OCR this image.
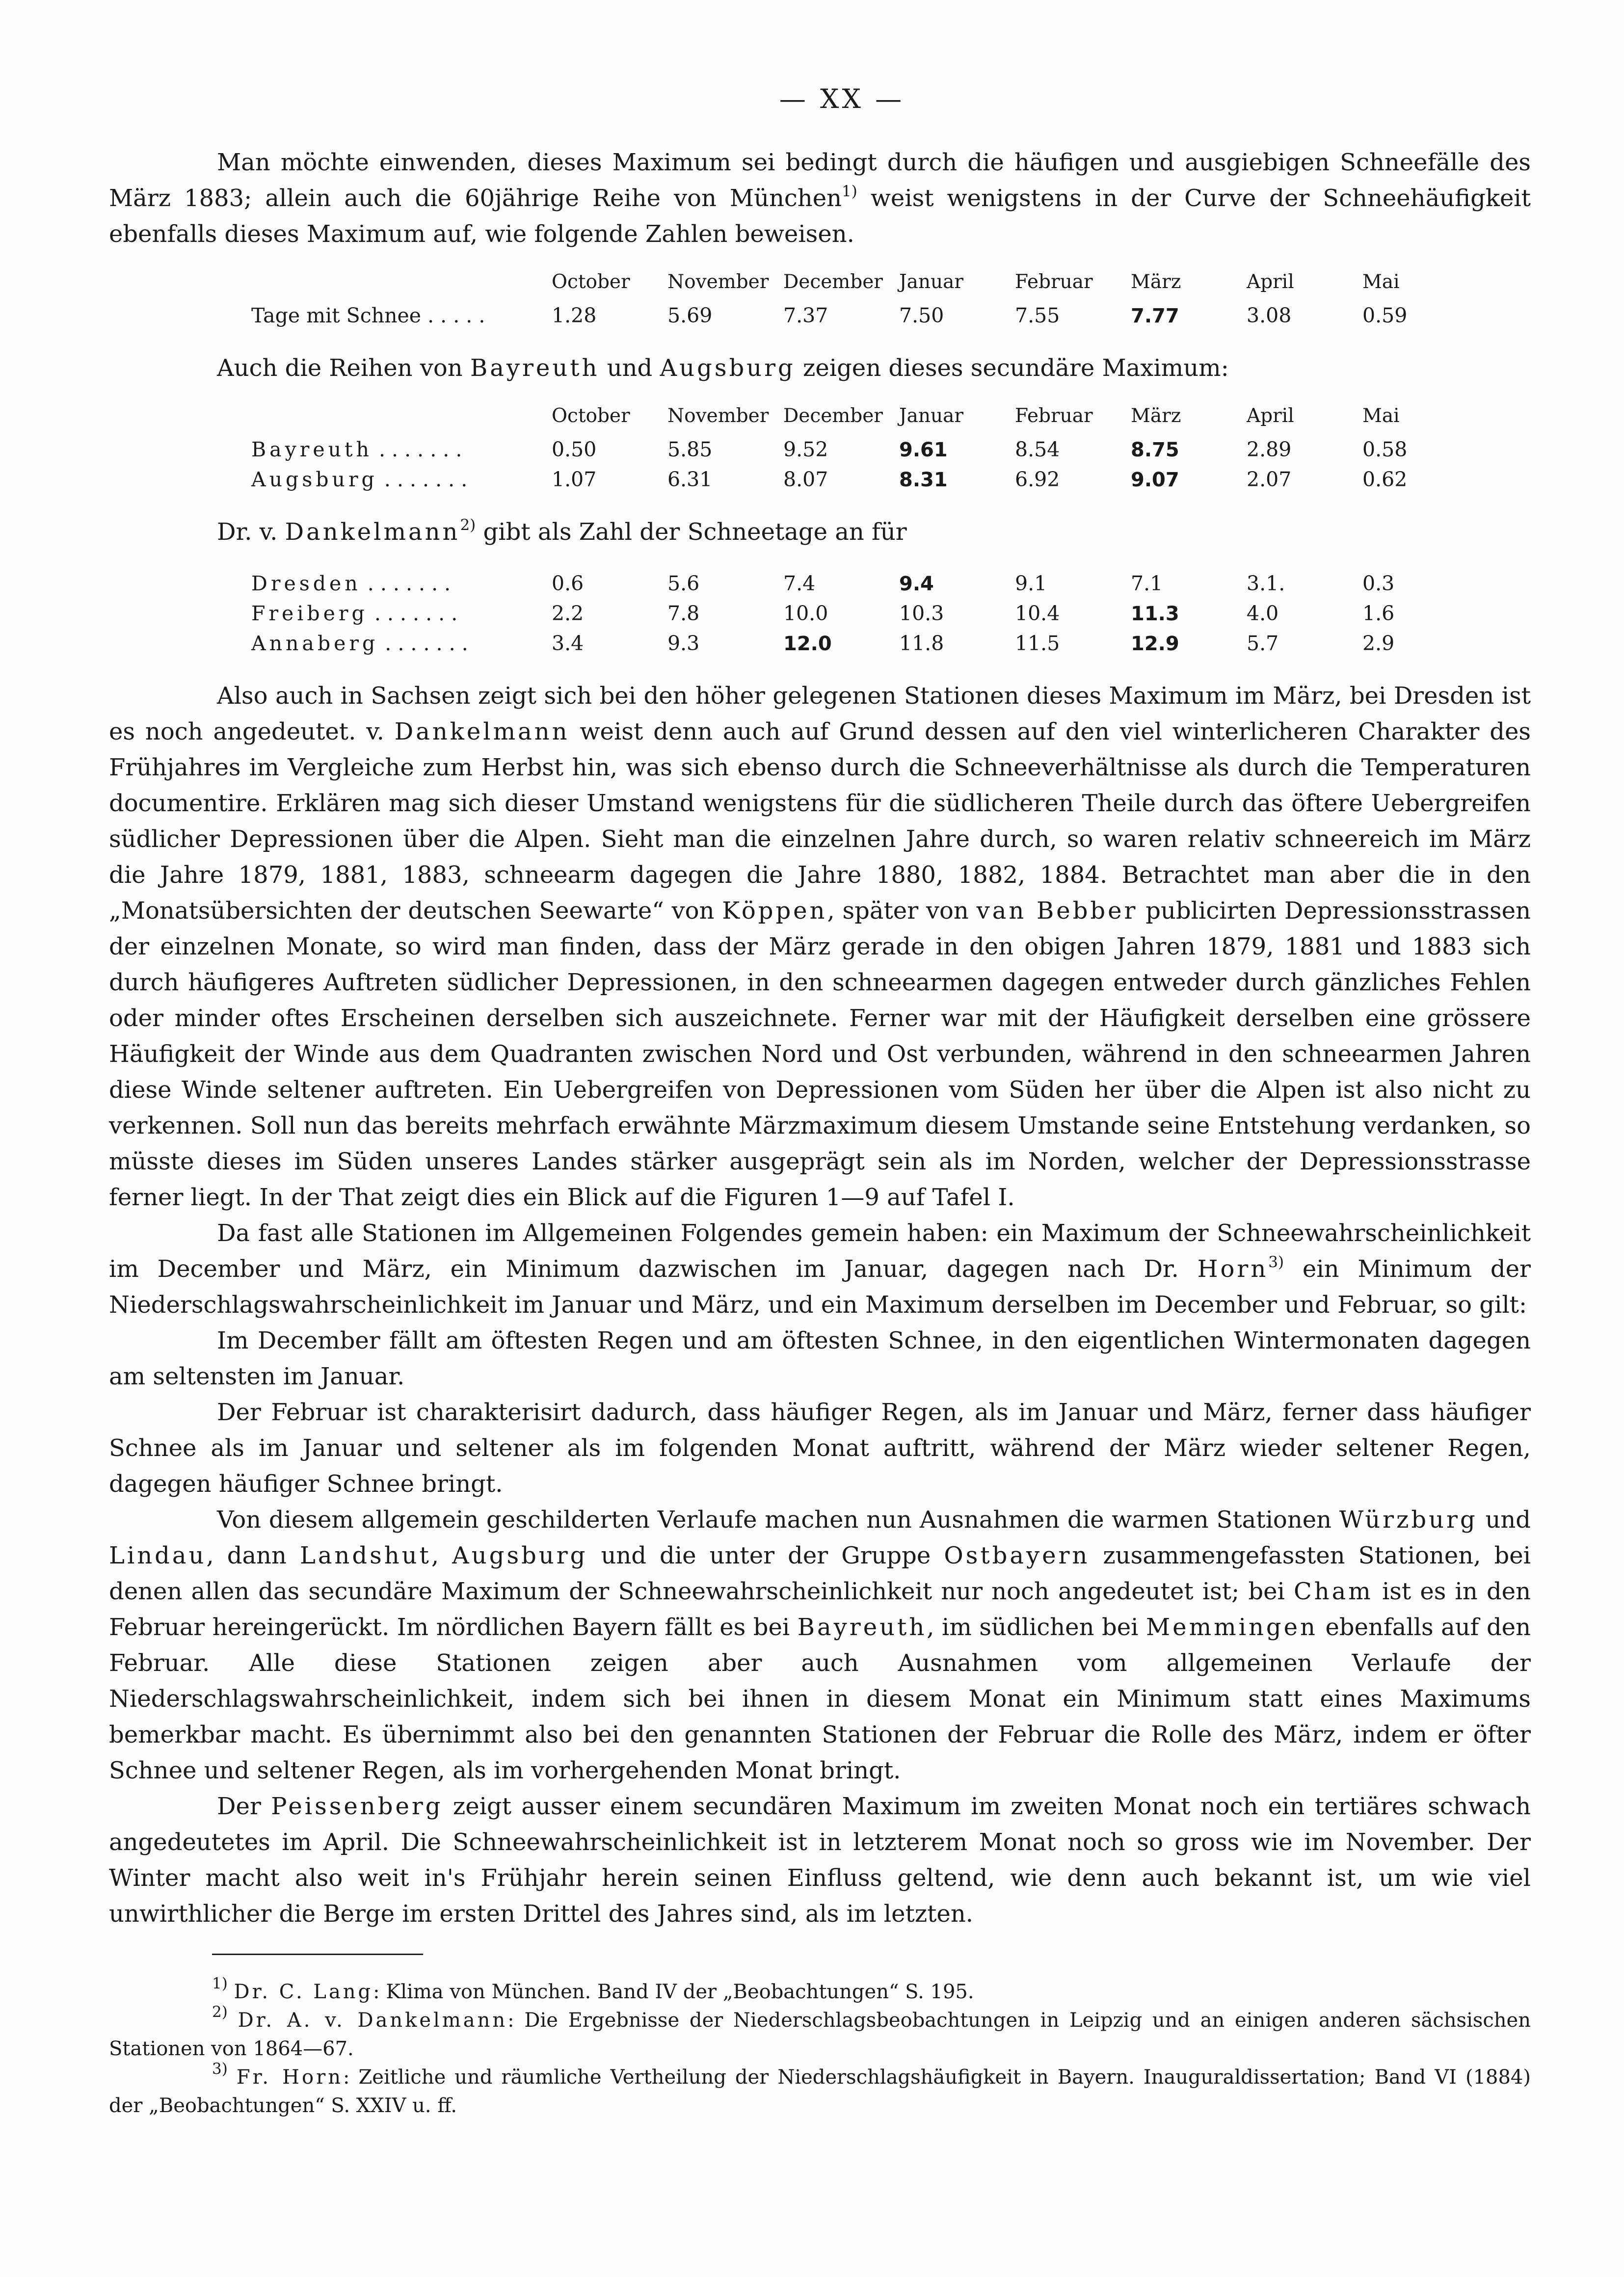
— XX —

Man möchte einwenden, dieses Maximum sei bedingt durch die häufigen und ausgiebigen Schneefälle des März 1883; allein auch die 60jährige Reihe von München$^{1)}$ weist wenigstens in der Curve der Schneehäufigkeit ebenfalls dieses Maximum auf, wie folgende Zahlen beweisen.

October	November December Januar	Februar	März	April	Mai
Tage mit Schnee . . . . .	1.28	5.69	7.37	7.50	7.55	7.77	3.08	0.59

Auch die Reihen von Bayreuth und Augsburg zeigen dieses secundäre Maximum:

October	November December Januar	Februar	März	April	Mai
Bayreuth . . . . . . .	0.50	5.85	9.52	9.61	8.54	8.75	2.89	0.58
Augsburg . . . . . . .	1.07	6.31	8.07	8.31	6.92	9.07	2.07	0.62

Dr. v. Dankelmann$^{2)}$ gibt als Zahl der Schneetage an für

Dresden . . . . . . .	0.6	5.6	7.4	9.4	9.1	7.1	3.1.	0.3
Freiberg . . . . . . .	2.2	7.8	10.0	10.3	10.4	11.3	4.0	1.6
Annaberg . . . . . . .	3.4	9.3	12.0	11.8	11.5	12.9	5.7	2.9

Also auch in Sachsen zeigt sich bei den höher gelegenen Stationen dieses Maximum im März, bei Dresden ist es noch angedeutet. v. Dankelmann weist denn auch auf Grund dessen auf den viel winterlicheren Charakter des Frühjahres im Vergleiche zum Herbst hin, was sich ebenso durch die Schneeverhältnisse als durch die Temperaturen documentire. Erklären mag sich dieser Umstand wenigstens für die südlicheren Theile durch das öftere Uebergreifen südlicher Depressionen über die Alpen. Sieht man die einzelnen Jahre durch, so waren relativ schneereich im März die Jahre 1879, 1881, 1883, schneearm dagegen die Jahre 1880, 1882, 1884. Betrachtet man aber die in den „Monatsübersichten der deutschen Seewarte“ von Köppen, später von van Bebber publicirten Depressionsstrassen der einzelnen Monate, so wird man finden, dass der März gerade in den obigen Jahren 1879, 1881 und 1883 sich durch häufigeres Auftreten südlicher Depressionen, in den schneearmen dagegen entweder durch gänzliches Fehlen oder minder oftes Erscheinen derselben sich auszeichnete. Ferner war mit der Häufigkeit derselben eine grössere Häufigkeit der Winde aus dem Quadranten zwischen Nord und Ost verbunden, während in den schneearmen Jahren diese Winde seltener auftreten. Ein Uebergreifen von Depressionen vom Süden her über die Alpen ist also nicht zu verkennen. Soll nun das bereits mehrfach erwähnte Märzmaximum diesem Umstande seine Entstehung verdanken, so müsste dieses im Süden unseres Landes stärker ausgeprägt sein als im Norden, welcher der Depressionsstrasse ferner liegt. In der That zeigt dies ein Blick auf die Figuren 1—9 auf Tafel I.

Da fast alle Stationen im Allgemeinen Folgendes gemein haben: ein Maximum der Schneewahrscheinlichkeit im December und März, ein Minimum dazwischen im Januar, dagegen nach Dr. Horn$^{3)}$ ein Minimum der Niederschlagswahrscheinlichkeit im Januar und März, und ein Maximum derselben im December und Februar, so gilt:

Im December fällt am öftesten Regen und am öftesten Schnee, in den eigentlichen Wintermonaten dagegen am seltensten im Januar.

Der Februar ist charakterisirt dadurch, dass häufiger Regen, als im Januar und März, ferner dass häufiger Schnee als im Januar und seltener als im folgenden Monat auftritt, während der März wieder seltener Regen, dagegen häufiger Schnee bringt.

Von diesem allgemein geschilderten Verlaufe machen nun Ausnahmen die warmen Stationen Würzburg und Lindau, dann Landshut, Augsburg und die unter der Gruppe Ostbayern zusammengefassten Stationen, bei denen allen das secundäre Maximum der Schneewahrscheinlichkeit nur noch angedeutet ist; bei Cham ist es in den Februar hereingerückt. Im nördlichen Bayern fällt es bei Bayreuth, im südlichen bei Memmingen ebenfalls auf den Februar. Alle diese Stationen zeigen aber auch Ausnahmen vom allgemeinen Verlaufe der Niederschlagswahrscheinlichkeit, indem sich bei ihnen in diesem Monat ein Minimum statt eines Maximums bemerkbar macht. Es übernimmt also bei den genannten Stationen der Februar die Rolle des März, indem er öfter Schnee und seltener Regen, als im vorhergehenden Monat bringt.

Der Peissenberg zeigt ausser einem secundären Maximum im zweiten Monat noch ein tertiäres schwach angedeutetes im April. Die Schneewahrscheinlichkeit ist in letzterem Monat noch so gross wie im November. Der Winter macht also weit in's Frühjahr herein seinen Einfluss geltend, wie denn auch bekannt ist, um wie viel unwirthlicher die Berge im ersten Drittel des Jahres sind, als im letzten.

$^{1)}$ Dr. C. Lang: Klima von München. Band IV der „Beobachtungen“ S. 195.

$^{2)}$ Dr. A. v. Dankelmann: Die Ergebnisse der Niederschlagsbeobachtungen in Leipzig und an einigen anderen sächsischen Stationen von 1864—67.

$^{3)}$ Fr. Horn: Zeitliche und räumliche Vertheilung der Niederschlagshäufigkeit in Bayern. Inauguraldissertation; Band VI (1884) der „Beobachtungen“ S. XXIV u. ff.
